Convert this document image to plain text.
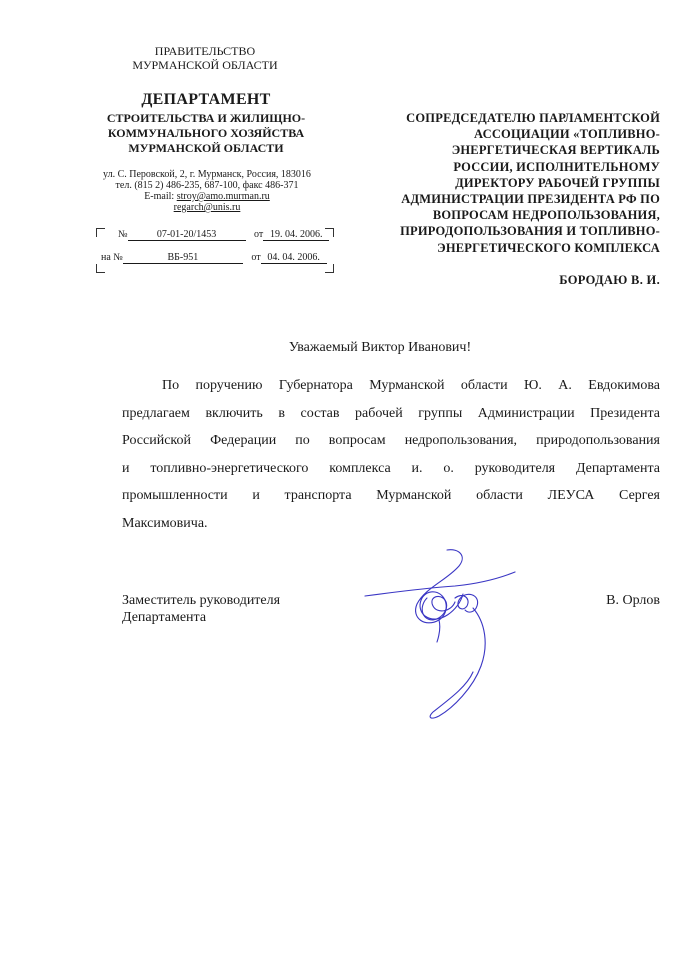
ПРАВИТЕЛЬСТВО
МУРМАНСКОЙ ОБЛАСТИ
ДЕПАРТАМЕНТ
СТРОИТЕЛЬСТВА И ЖИЛИЩНО-
КОММУНАЛЬНОГО ХОЗЯЙСТВА
МУРМАНСКОЙ ОБЛАСТИ
ул. С. Перовской, 2, г. Мурманск, Россия, 183016
тел. (815 2) 486-235, 687-100, факс 486-371
E-mail: stroy@amo.murman.ru
regarch@unis.ru
№	07-01-20/1453	от 19. 04. 2006.
на №	ВБ-951	от 04. 04. 2006.
СОПРЕДСЕДАТЕЛЮ ПАРЛАМЕНТСКОЙ
АССОЦИАЦИИ «ТОПЛИВНО-
ЭНЕРГЕТИЧЕСКАЯ ВЕРТИКАЛЬ
РОССИИ, ИСПОЛНИТЕЛЬНОМУ
ДИРЕКТОРУ РАБОЧЕЙ ГРУППЫ
АДМИНИСТРАЦИИ ПРЕЗИДЕНТА РФ ПО
ВОПРОСАМ НЕДРОПОЛЬЗОВАНИЯ,
ПРИРОДОПОЛЬЗОВАНИЯ И ТОПЛИВНО-
ЭНЕРГЕТИЧЕСКОГО КОМПЛЕКСА
БОРОДАЮ В. И.
Уважаемый Виктор Иванович!
По поручению Губернатора Мурманской области Ю. А. Евдокимова
предлагаем включить в состав рабочей группы Администрации Президента
Российской Федерации по вопросам недропользования, природопользования
и топливно-энергетического комплекса и. о. руководителя Департамента
промышленности и транспорта Мурманской области ЛЕУСА Сергея
Максимовича.
Заместитель руководителя
Департамента
В. Орлов
